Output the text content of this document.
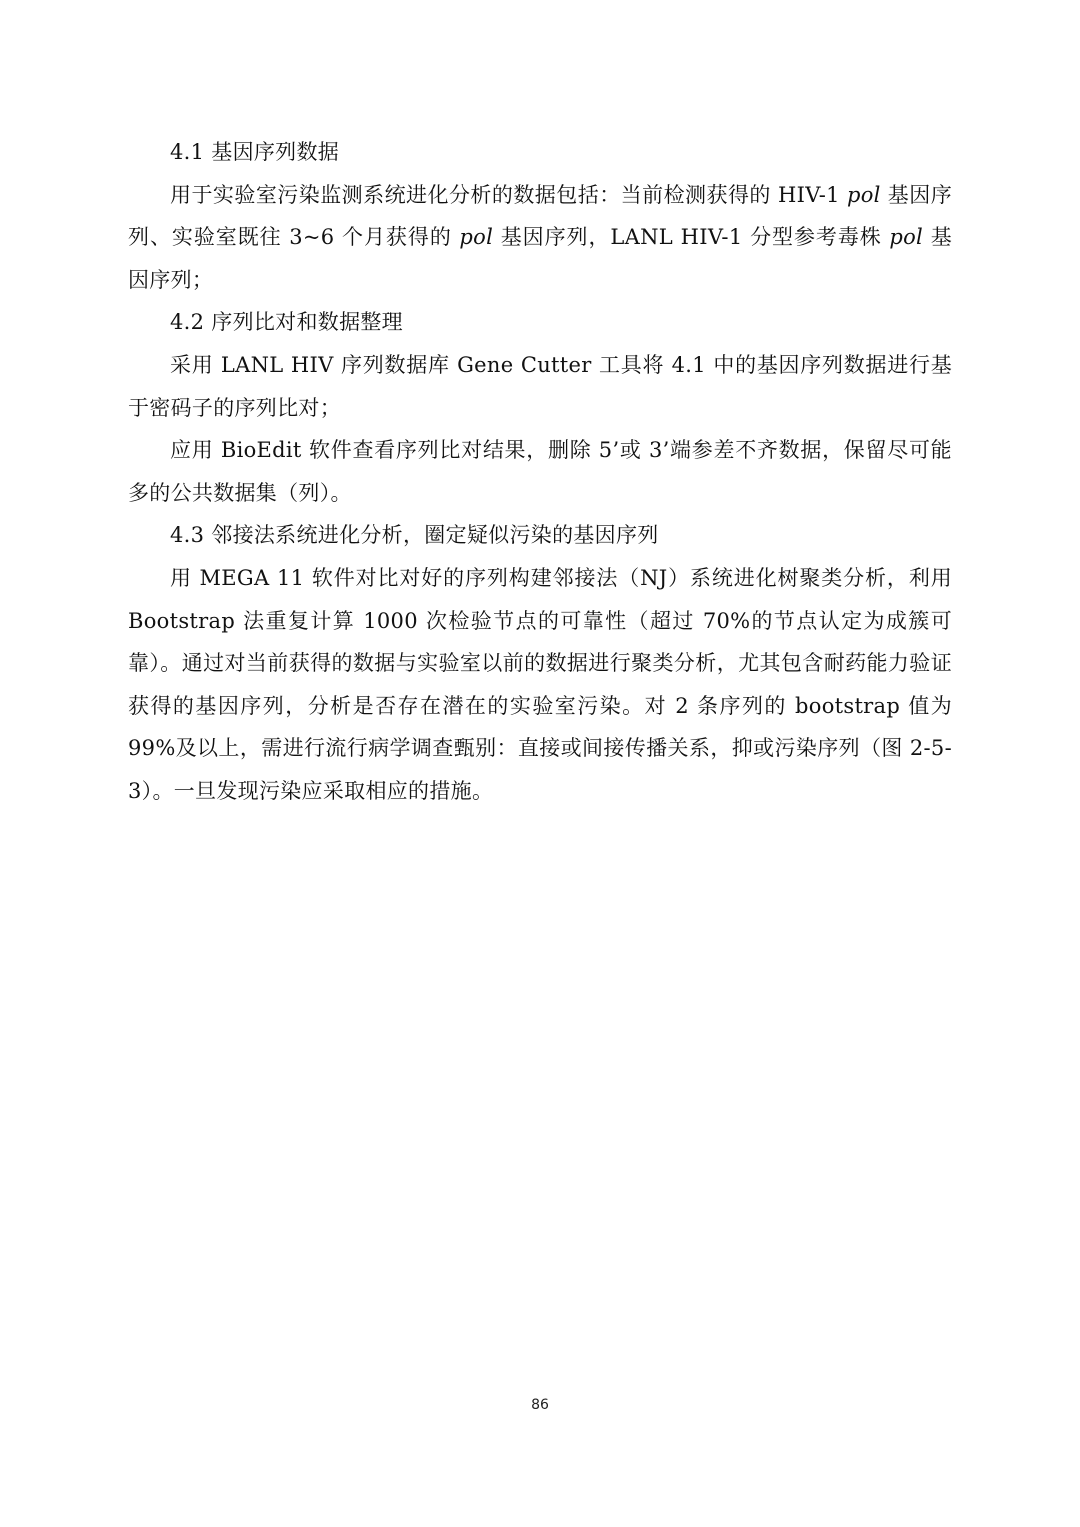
4.1 基因序列数据

用于实验室污染监测系统进化分析的数据包括：当前检测获得的 HIV-1 pol 基因序列、实验室既往 3~6 个月获得的 pol 基因序列，LANL HIV-1 分型参考毒株 pol 基因序列；

4.2 序列比对和数据整理

采用 LANL HIV 序列数据库 Gene Cutter 工具将 4.1 中的基因序列数据进行基于密码子的序列比对；

应用 BioEdit 软件查看序列比对结果，删除 5’或 3’端参差不齐数据，保留尽可能多的公共数据集（列）。

4.3 邻接法系统进化分析，圈定疑似污染的基因序列

用 MEGA 11 软件对比对好的序列构建邻接法（NJ）系统进化树聚类分析，利用 Bootstrap 法重复计算 1000 次检验节点的可靠性（超过 70%的节点认定为成簇可靠）。通过对当前获得的数据与实验室以前的数据进行聚类分析，尤其包含耐药能力验证获得的基因序列，分析是否存在潜在的实验室污染。对 2 条序列的 bootstrap 值为 99%及以上，需进行流行病学调查甄别：直接或间接传播关系，抑或污染序列（图 2-5-3）。一旦发现污染应采取相应的措施。

86
